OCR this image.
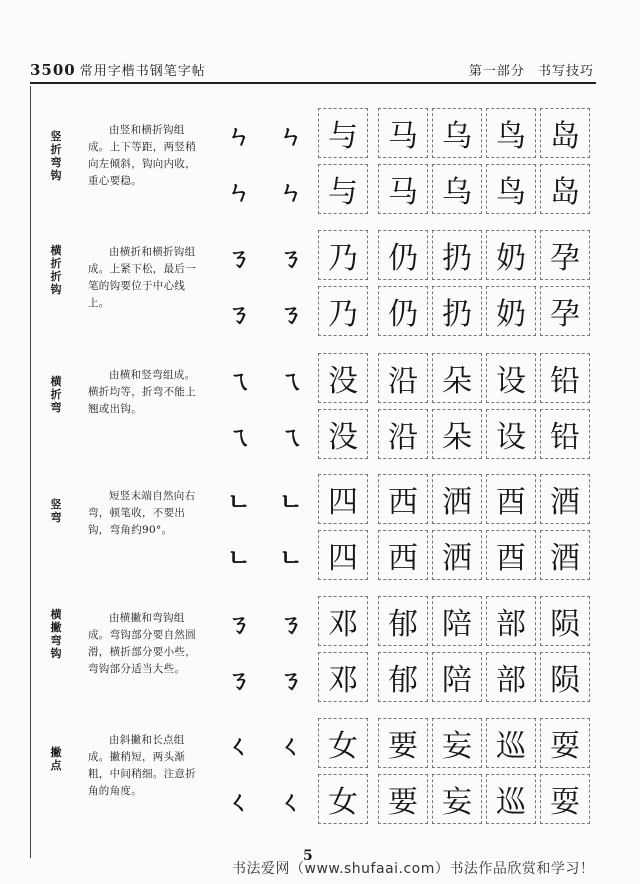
3500 常用字楷书钢笔字帖	第一部分 书写技巧
竖折弯钩
由竖和横折钩组成。上下等距，两竖稍向左倾斜，钩向内收，重心要稳。
ㄣ	ㄣ 与	马 乌 鸟 岛
ㄣ	ㄣ 与	马 乌 鸟 岛
横折折钩
由横折和横折钩组成。上紧下松，最后一笔的钩要位于中心线上。
ㄋ	ㄋ 乃	仍 扔 奶 孕
ㄋ	ㄋ 乃	仍 扔 奶 孕
横折弯
由横和竖弯组成。横折均等，折弯不能上翘或出钩。
ㄟ	ㄟ 没	沿 朵 设 铅
ㄟ	ㄟ 没	沿 朵 设 铅
竖弯
短竖末端自然向右弯，顿笔收，不要出钩，弯角约90°。
ㄴ	ㄴ 四	西 洒 酉 酒
ㄴ	ㄴ 四	西 洒 酉 酒
横撇弯钩
由横撇和弯钩组成。弯钩部分要自然圆滑，横折部分要小些，弯钩部分适当大些。
ㄋ	ㄋ 邓	郁 陪 部 陨
ㄋ	ㄋ 邓	郁 陪 部 陨
撇点
由斜撇和长点组成。撇稍短，两头渐粗，中间稍细。注意折角的角度。
ㄑ	ㄑ 女	要 妄 巡 耍
ㄑ	ㄑ 女	要 妄 巡 耍
5
书法爱网（www.shufaai.com）书法作品欣赏和学习！
